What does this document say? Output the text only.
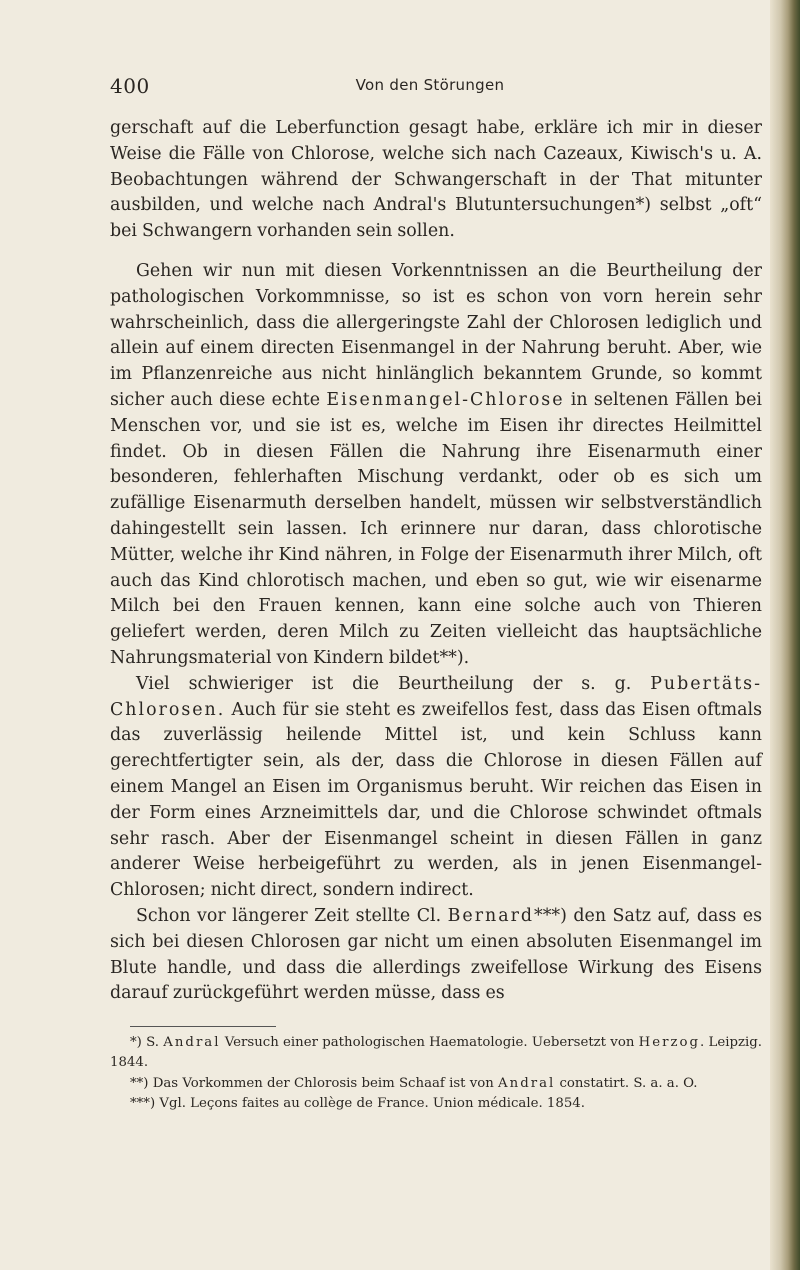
400	Von den Störungen

gerschaft auf die Leberfunction gesagt habe, erkläre ich mir in dieser Weise die Fälle von Chlorose, welche sich nach Cazeaux, Kiwisch's u. A. Beobachtungen während der Schwangerschaft in der That mitunter ausbilden, und welche nach Andral's Blutuntersuchungen*) selbst „oft“ bei Schwangern vorhanden sein sollen.

Gehen wir nun mit diesen Vorkenntnissen an die Beurtheilung der pathologischen Vorkommnisse, so ist es schon von vorn herein sehr wahrscheinlich, dass die allergeringste Zahl der Chlorosen lediglich und allein auf einem directen Eisenmangel in der Nahrung beruht. Aber, wie im Pflanzenreiche aus nicht hinlänglich bekanntem Grunde, so kommt sicher auch diese echte Eisenmangel-Chlorose in seltenen Fällen bei Menschen vor, und sie ist es, welche im Eisen ihr directes Heilmittel findet. Ob in diesen Fällen die Nahrung ihre Eisenarmuth einer besonderen, fehlerhaften Mischung verdankt, oder ob es sich um zufällige Eisenarmuth derselben handelt, müssen wir selbstverständlich dahingestellt sein lassen. Ich erinnere nur daran, dass chlorotische Mütter, welche ihr Kind nähren, in Folge der Eisenarmuth ihrer Milch, oft auch das Kind chlorotisch machen, und eben so gut, wie wir eisenarme Milch bei den Frauen kennen, kann eine solche auch von Thieren geliefert werden, deren Milch zu Zeiten vielleicht das hauptsächliche Nahrungsmaterial von Kindern bildet**).

Viel schwieriger ist die Beurtheilung der s. g. Pubertäts-Chlorosen. Auch für sie steht es zweifellos fest, dass das Eisen oftmals das zuverlässig heilende Mittel ist, und kein Schluss kann gerechtfertigter sein, als der, dass die Chlorose in diesen Fällen auf einem Mangel an Eisen im Organismus beruht. Wir reichen das Eisen in der Form eines Arzneimittels dar, und die Chlorose schwindet oftmals sehr rasch. Aber der Eisenmangel scheint in diesen Fällen in ganz anderer Weise herbeigeführt zu werden, als in jenen Eisenmangel-Chlorosen; nicht direct, sondern indirect.

Schon vor längerer Zeit stellte Cl. Bernard***) den Satz auf, dass es sich bei diesen Chlorosen gar nicht um einen absoluten Eisenmangel im Blute handle, und dass die allerdings zweifellose Wirkung des Eisens darauf zurückgeführt werden müsse, dass es

*) S. Andral Versuch einer pathologischen Haematologie. Uebersetzt von Herzog. Leipzig. 1844.

**) Das Vorkommen der Chlorosis beim Schaaf ist von Andral constatirt. S. a. a. O.

***) Vgl. Leçons faites au collège de France. Union médicale. 1854.
